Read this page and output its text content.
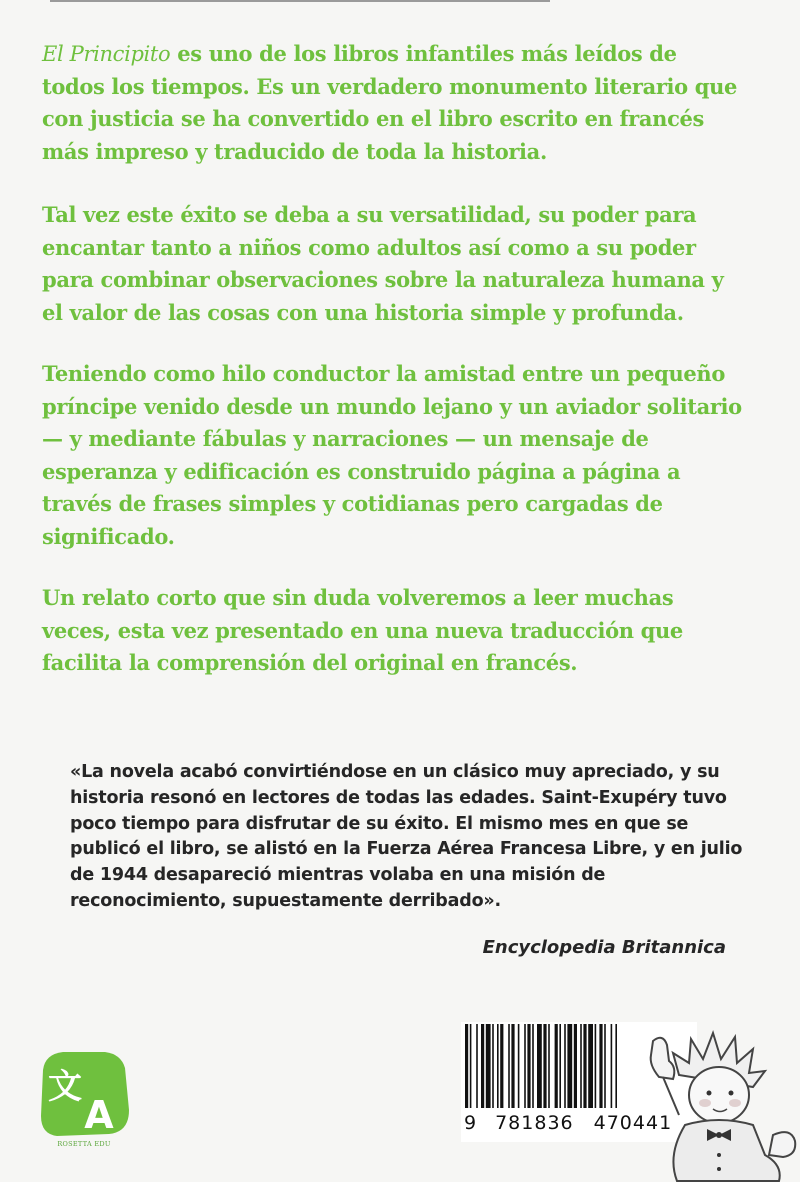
El Principito es uno de los libros infantiles más leídos de todos los tiempos. Es un verdadero monumento literario que con justicia se ha convertido en el libro escrito en francés más impreso y traducido de toda la historia.

Tal vez este éxito se deba a su versatilidad, su poder para encantar tanto a niños como adultos así como a su poder para combinar observaciones sobre la naturaleza humana y el valor de las cosas con una historia simple y profunda.

Teniendo como hilo conductor la amistad entre un pequeño príncipe venido desde un mundo lejano y un aviador solitario — y mediante fábulas y narraciones — un mensaje de esperanza y edificación es construido página a página a través de frases simples y cotidianas pero cargadas de significado.

Un relato corto que sin duda volveremos a leer muchas veces, esta vez presentado en una nueva traducción que facilita la comprensión del original en francés.

«La novela acabó convirtiéndose en un clásico muy apreciado, y su historia resonó en lectores de todas las edades. Saint-Exupéry tuvo poco tiempo para disfrutar de su éxito. El mismo mes en que se publicó el libro, se alistó en la Fuerza Aérea Francesa Libre, y en julio de 1944 desapareció mientras volaba en una misión de reconocimiento, supuestamente derribado».

Encyclopedia Britannica
文
A
ROSETTA EDU
9 781836 470441
